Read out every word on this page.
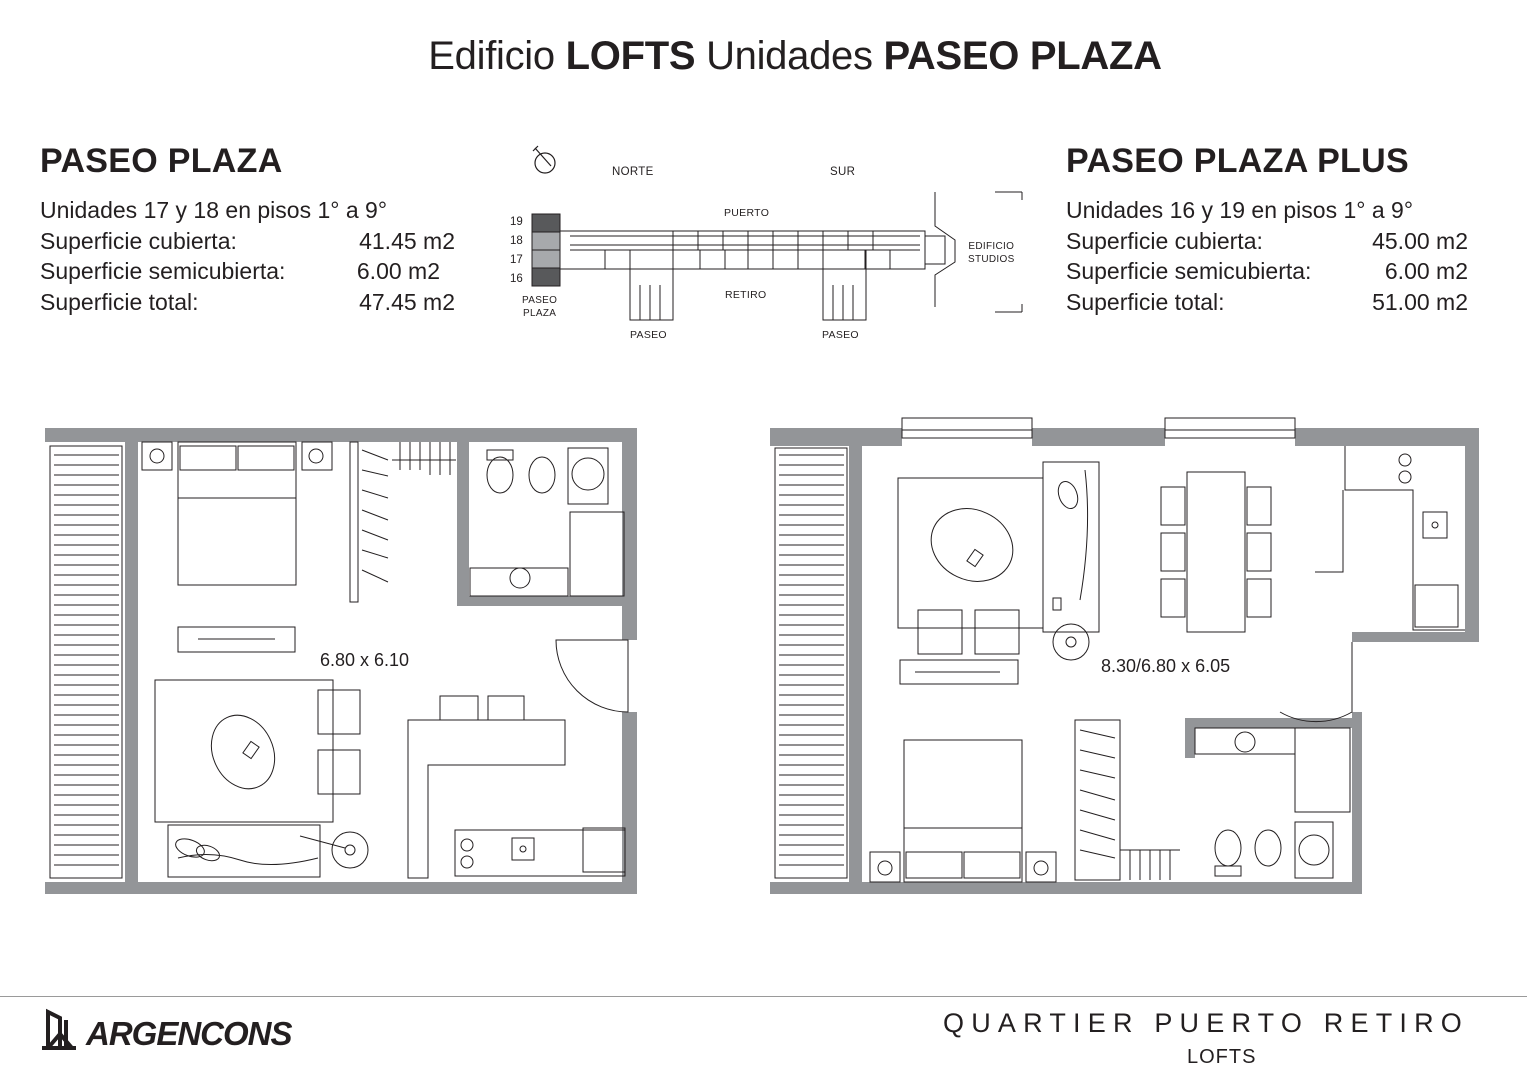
Edificio LOFTS Unidades PASEO PLAZA
PASEO PLAZA
Unidades 17 y 18 en pisos 1° a 9°
Superficie cubierta:	41.45 m2
Superficie semicubierta:	6.00 m2
Superficie total:	47.45 m2
PASEO PLAZA PLUS
Unidades 16 y 19 en pisos 1° a 9°
Superficie cubierta:	45.00 m2
Superficie semicubierta:	6.00 m2
Superficie total:	51.00 m2
NORTE	SUR
PUERTO
RETIRO
PASEO	PASEO
PASEO
PLAZA
EDIFICIO
STUDIOS
19
18
17
16
6.80 x 6.10	8.30/6.80 x 6.05
ARGENCONS	QUARTIER PUERTO RETIRO
LOFTS
